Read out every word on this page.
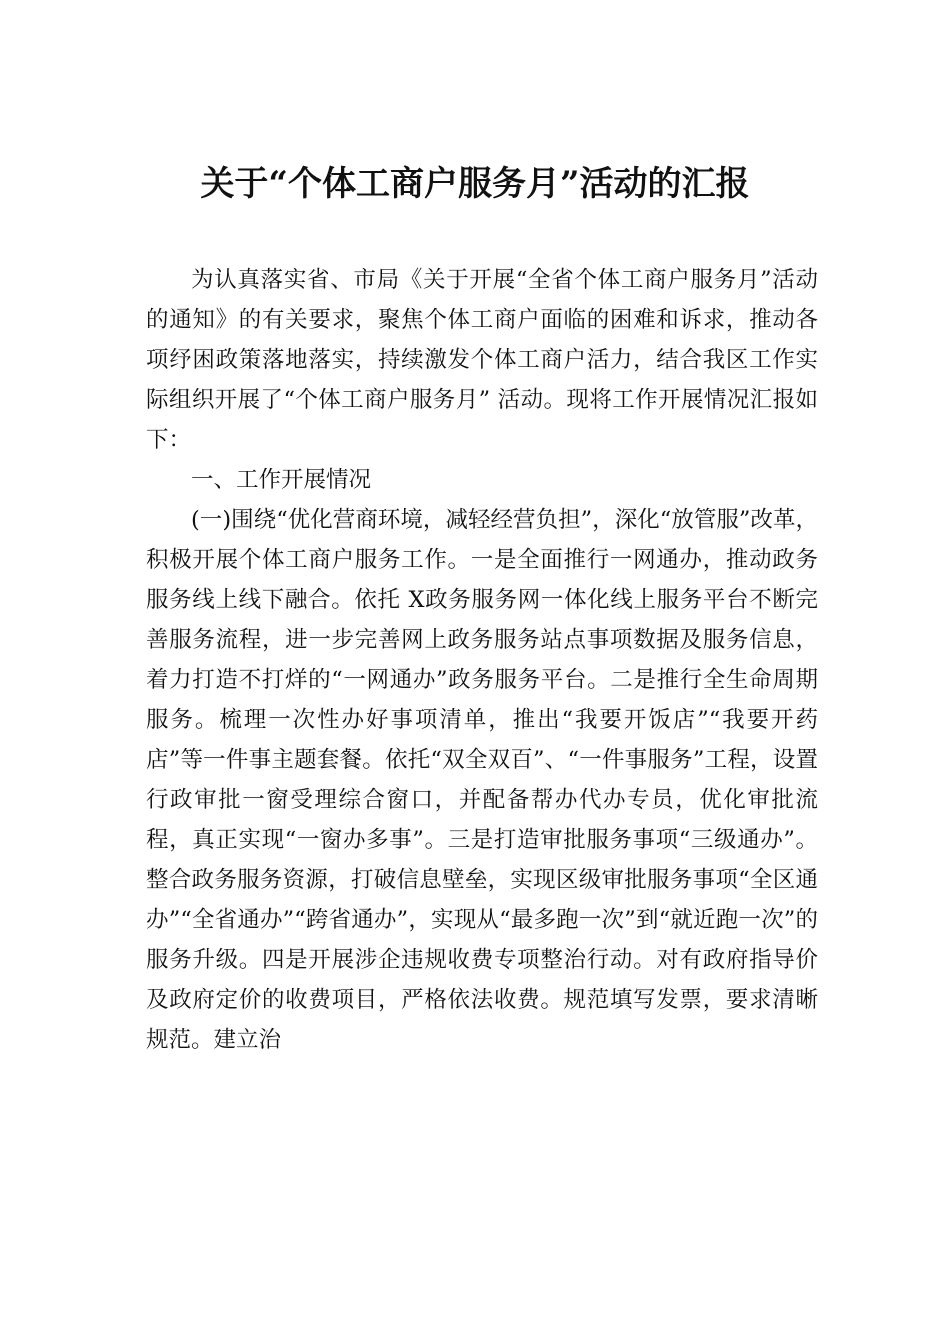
关于“个体工商户服务月”活动的汇报

为认真落实省、市局《关于开展“全省个体工商户服务月”活动的通知》的有关要求，聚焦个体工商户面临的困难和诉求，推动各项纾困政策落地落实，持续激发个体工商户活力，结合我区工作实际组织开展了“个体工商户服务月” 活动。现将工作开展情况汇报如下：

一、工作开展情况

(一)围绕“优化营商环境，减轻经营负担”，深化“放管服”改革，积极开展个体工商户服务工作。一是全面推行一网通办，推动政务服务线上线下融合。依托 X政务服务网一体化线上服务平台不断完善服务流程，进一步完善网上政务服务站点事项数据及服务信息，着力打造不打烊的“一网通办”政务服务平台。二是推行全生命周期服务。梳理一次性办好事项清单，推出“我要开饭店”“我要开药店”等一件事主题套餐。依托“双全双百”、“一件事服务”工程，设置行政审批一窗受理综合窗口，并配备帮办代办专员，优化审批流程，真正实现“一窗办多事”。三是打造审批服务事项“三级通办”。整合政务服务资源，打破信息壁垒，实现区级审批服务事项“全区通办”“全省通办”“跨省通办”，实现从“最多跑一次”到“就近跑一次”的服务升级。四是开展涉企违规收费专项整治行动。对有政府指导价及政府定价的收费项目，严格依法收费。规范填写发票，要求清晰规范。建立治
